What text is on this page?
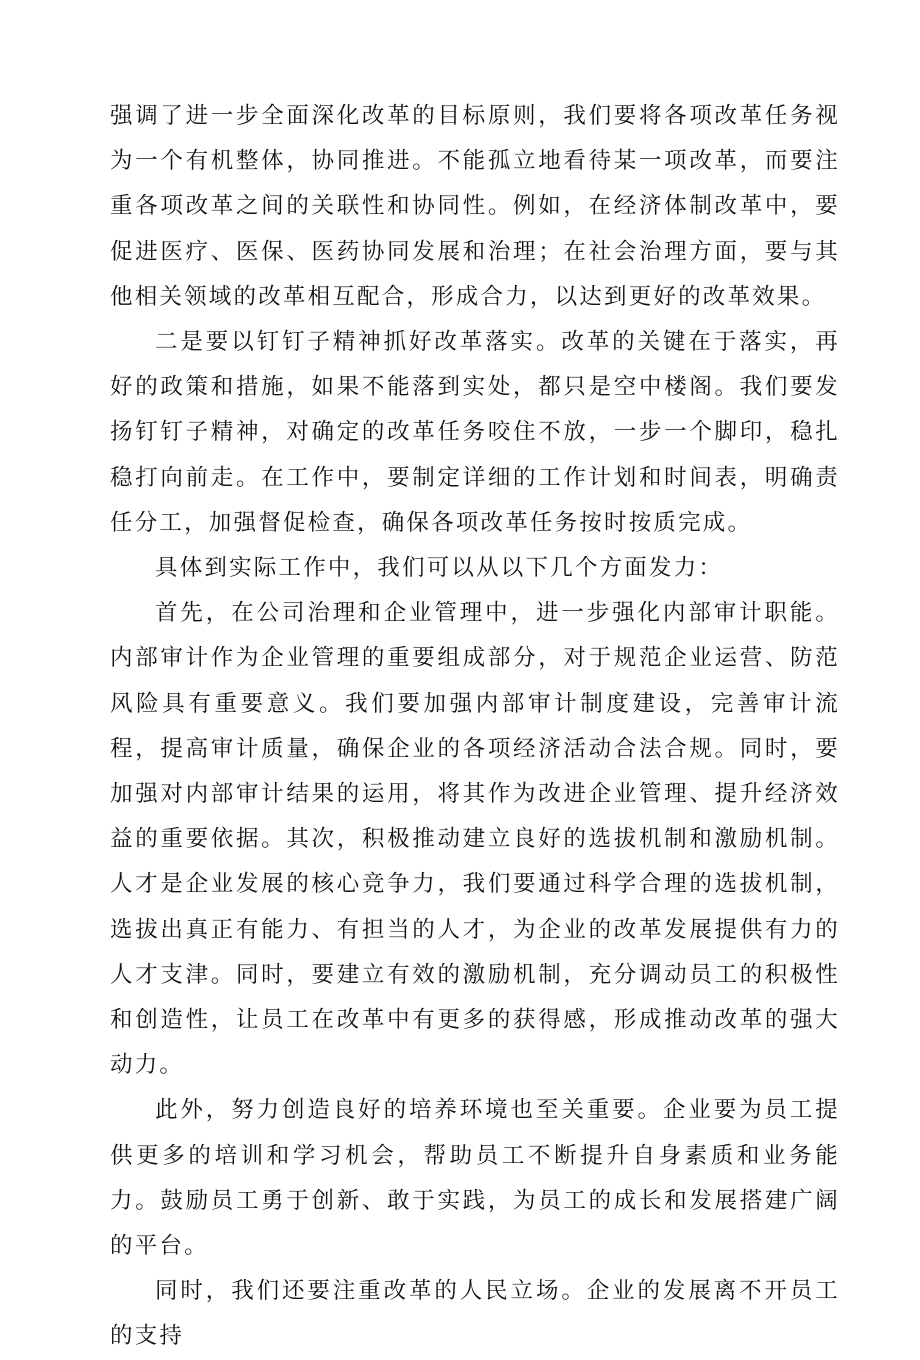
强调了进一步全面深化改革的目标原则，我们要将各项改革任务视为一个有机整体，协同推进。不能孤立地看待某一项改革，而要注重各项改革之间的关联性和协同性。例如，在经济体制改革中，要促进医疗、医保、医药协同发展和治理；在社会治理方面，要与其他相关领域的改革相互配合，形成合力，以达到更好的改革效果。

二是要以钉钉子精神抓好改革落实。改革的关键在于落实，再好的政策和措施，如果不能落到实处，都只是空中楼阁。我们要发扬钉钉子精神，对确定的改革任务咬住不放，一步一个脚印，稳扎稳打向前走。在工作中，要制定详细的工作计划和时间表，明确责任分工，加强督促检查，确保各项改革任务按时按质完成。

具体到实际工作中，我们可以从以下几个方面发力：

首先，在公司治理和企业管理中，进一步强化内部审计职能。内部审计作为企业管理的重要组成部分，对于规范企业运营、防范风险具有重要意义。我们要加强内部审计制度建设，完善审计流程，提高审计质量，确保企业的各项经济活动合法合规。同时，要加强对内部审计结果的运用，将其作为改进企业管理、提升经济效益的重要依据。其次，积极推动建立良好的选拔机制和激励机制。人才是企业发展的核心竞争力，我们要通过科学合理的选拔机制，选拔出真正有能力、有担当的人才，为企业的改革发展提供有力的人才支津。同时，要建立有效的激励机制，充分调动员工的积极性和创造性，让员工在改革中有更多的获得感，形成推动改革的强大动力。

此外，努力创造良好的培养环境也至关重要。企业要为员工提供更多的培训和学习机会，帮助员工不断提升自身素质和业务能力。鼓励员工勇于创新、敢于实践，为员工的成长和发展搭建广阔的平台。

同时，我们还要注重改革的人民立场。企业的发展离不开员工的支持
